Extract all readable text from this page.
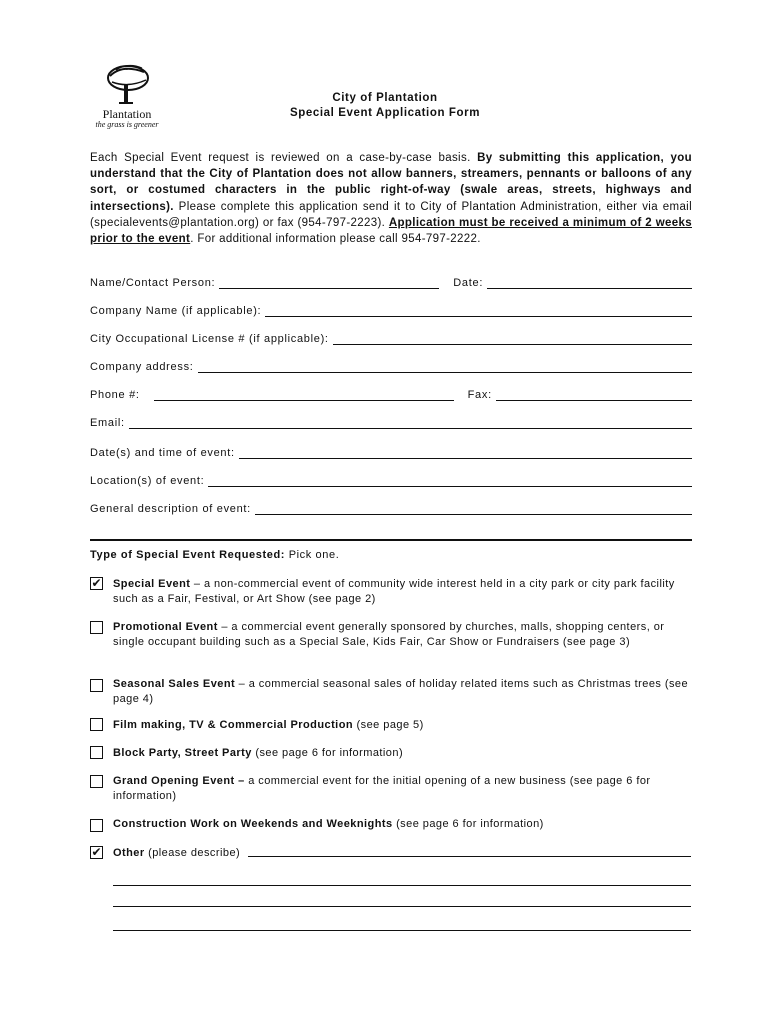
Plantation
the grass is greener
City of Plantation
Special Event Application Form
Each Special Event request is reviewed on a case-by-case basis. By submitting this application, you understand that the City of Plantation does not allow banners, streamers, pennants or balloons of any sort, or costumed characters in the public right-of-way (swale areas, streets, highways and intersections). Please complete this application send it to City of Plantation Administration, either via email (specialevents@plantation.org) or fax (954-797-2223). Application must be received a minimum of 2 weeks prior to the event. For additional information please call 954-797-2222.
Name/Contact Person:	Date:
Company Name (if applicable):
City Occupational License # (if applicable):
Company address:
Phone #:	Fax:
Email:
Date(s) and time of event:
Location(s) of event:
General description of event:
Type of Special Event Requested: Pick one.
✔ Special Event – a non-commercial event of community wide interest held in a city park or city park facility such as a Fair, Festival, or Art Show (see page 2)
Promotional Event – a commercial event generally sponsored by churches, malls, shopping centers, or single occupant building such as a Special Sale, Kids Fair, Car Show or Fundraisers (see page 3)
Seasonal Sales Event – a commercial seasonal sales of holiday related items such as Christmas trees (see page 4)
Film making, TV & Commercial Production (see page 5)
Block Party, Street Party (see page 6 for information)
Grand Opening Event – a commercial event for the initial opening of a new business (see page 6 for information)
Construction Work on Weekends and Weeknights (see page 6 for information)
✔ Other (please describe)
